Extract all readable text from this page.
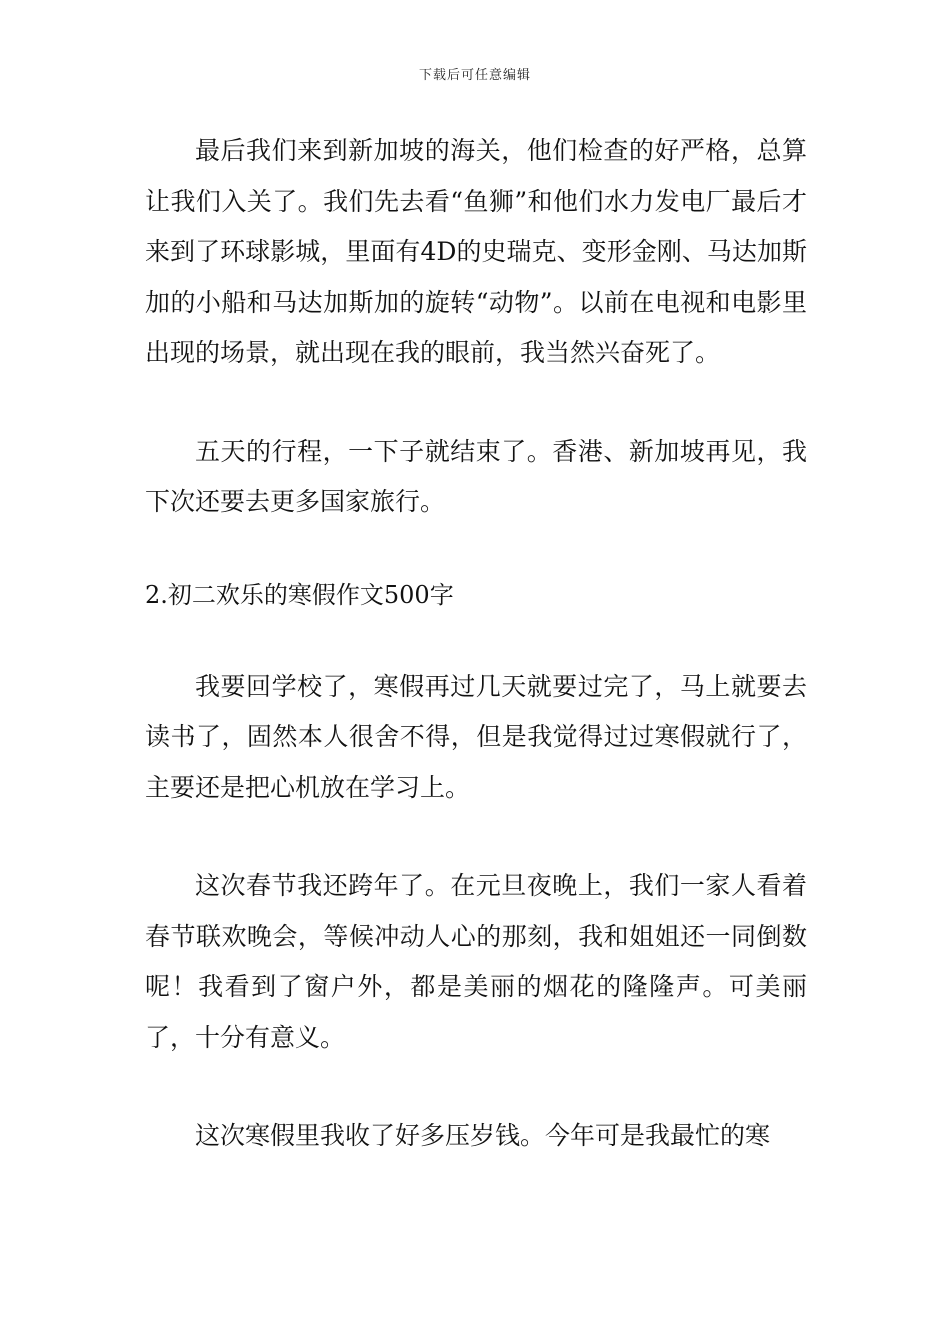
下载后可任意编辑

最后我们来到新加坡的海关，他们检查的好严格，总算让我们入关了。我们先去看“鱼狮”和他们水力发电厂最后才来到了环球影城，里面有4D的史瑞克、变形金刚、马达加斯加的小船和马达加斯加的旋转“动物”。以前在电视和电影里出现的场景，就出现在我的眼前，我当然兴奋死了。

五天的行程，一下子就结束了。香港、新加坡再见，我下次还要去更多国家旅行。

2.初二欢乐的寒假作文500字

我要回学校了，寒假再过几天就要过完了，马上就要去读书了，固然本人很舍不得，但是我觉得过过寒假就行了，主要还是把心机放在学习上。

这次春节我还跨年了。在元旦夜晚上，我们一家人看着春节联欢晚会，等候冲动人心的那刻，我和姐姐还一同倒数呢！我看到了窗户外，都是美丽的烟花的隆隆声。可美丽了，十分有意义。

这次寒假里我收了好多压岁钱。今年可是我最忙的寒
